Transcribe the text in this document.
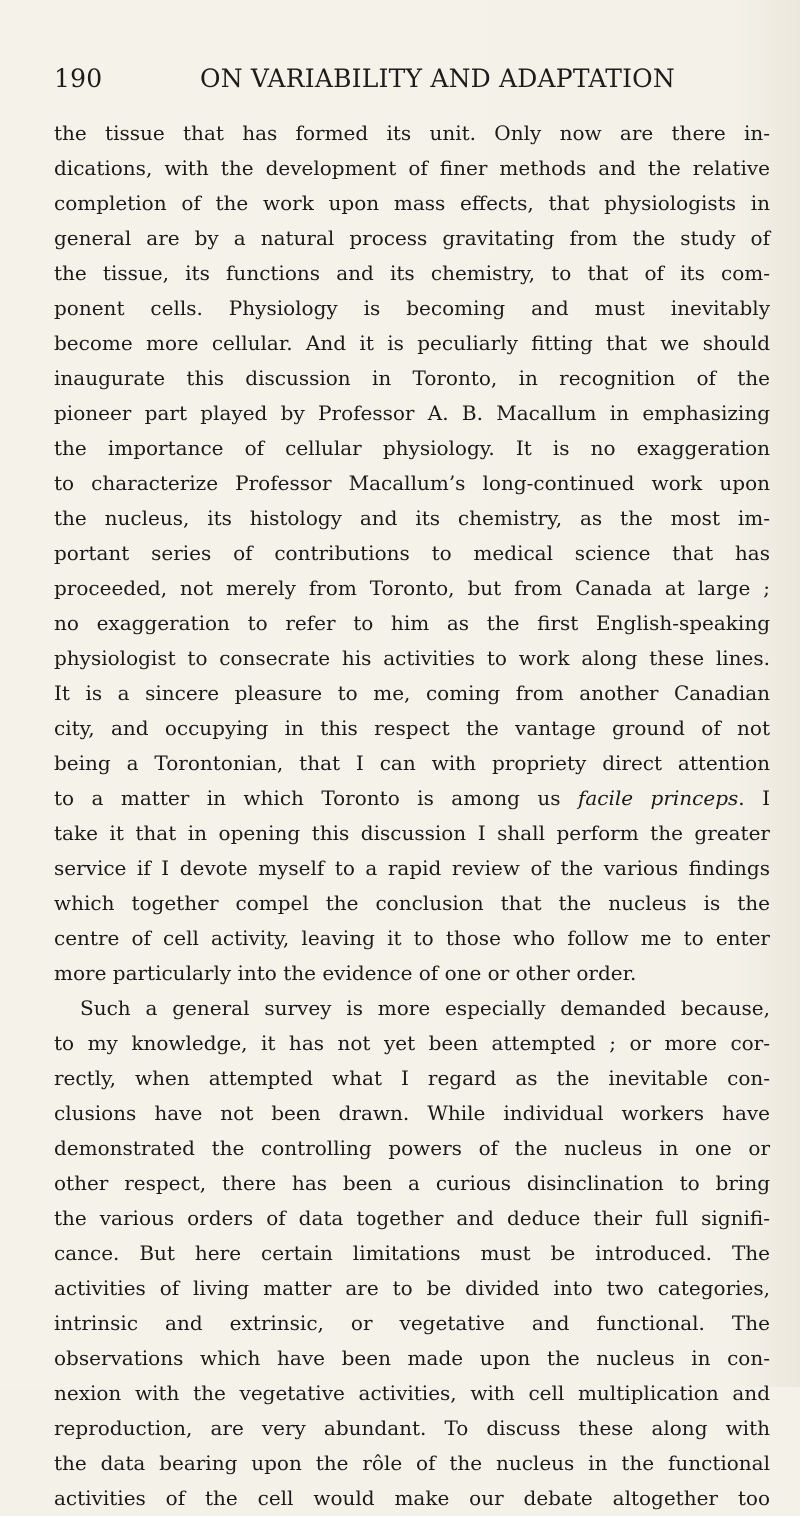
190	ON VARIABILITY AND ADAPTATION
the tissue that has formed its unit. Only now are there in-
dications, with the development of finer methods and the relative
completion of the work upon mass effects, that physiologists in
general are by a natural process gravitating from the study of
the tissue, its functions and its chemistry, to that of its com-
ponent cells. Physiology is becoming and must inevitably
become more cellular. And it is peculiarly fitting that we should
inaugurate this discussion in Toronto, in recognition of the
pioneer part played by Professor A. B. Macallum in emphasizing
the importance of cellular physiology. It is no exaggeration
to characterize Professor Macallum’s long-continued work upon
the nucleus, its histology and its chemistry, as the most im-
portant series of contributions to medical science that has
proceeded, not merely from Toronto, but from Canada at large ;
no exaggeration to refer to him as the first English-speaking
physiologist to consecrate his activities to work along these lines.
It is a sincere pleasure to me, coming from another Canadian
city, and occupying in this respect the vantage ground of not
being a Torontonian, that I can with propriety direct attention
to a matter in which Toronto is among us facile princeps. I
take it that in opening this discussion I shall perform the greater
service if I devote myself to a rapid review of the various findings
which together compel the conclusion that the nucleus is the
centre of cell activity, leaving it to those who follow me to enter
more particularly into the evidence of one or other order.
Such a general survey is more especially demanded because,
to my knowledge, it has not yet been attempted ; or more cor-
rectly, when attempted what I regard as the inevitable con-
clusions have not been drawn. While individual workers have
demonstrated the controlling powers of the nucleus in one or
other respect, there has been a curious disinclination to bring
the various orders of data together and deduce their full signifi-
cance. But here certain limitations must be introduced. The
activities of living matter are to be divided into two categories,
intrinsic and extrinsic, or vegetative and functional. The
observations which have been made upon the nucleus in con-
nexion with the vegetative activities, with cell multiplication and
reproduction, are very abundant. To discuss these along with
the data bearing upon the rôle of the nucleus in the functional
activities of the cell would make our debate altogether too
